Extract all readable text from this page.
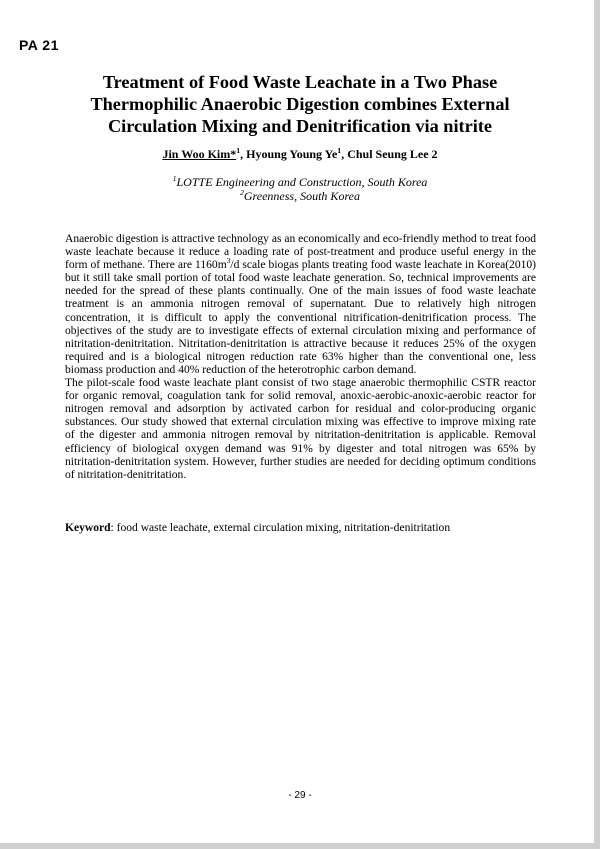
PA 21
Treatment of Food Waste Leachate in a Two Phase
Thermophilic Anaerobic Digestion combines External
Circulation Mixing and Denitrification via nitrite
Jin Woo Kim*$^1$, Hyoung Young Ye$^1$, Chul Seung Lee 2
$^1$LOTTE Engineering and Construction, South Korea
$^2$Greenness, South Korea

Anaerobic digestion is attractive technology as an economically and eco-friendly method to treat food waste leachate because it reduce a loading rate of post-treatment and produce useful energy in the form of methane. There are $1160m^3/d$ scale biogas plants treating food waste leachate in Korea(2010) but it still take small portion of total food waste leachate generation. So, technical improvements are needed for the spread of these plants continually. One of the main issues of food waste leachate treatment is an ammonia nitrogen removal of supernatant. Due to relatively high nitrogen concentration, it is difficult to apply the conventional nitrification-denitrification process. The objectives of the study are to investigate effects of external circulation mixing and performance of nitritation-denitritation. Nitritation-denitritation is attractive because it reduces 25% of the oxygen required and is a biological nitrogen reduction rate 63% higher than the conventional one, less biomass production and 40% reduction of the heterotrophic carbon demand.

The pilot-scale food waste leachate plant consist of two stage anaerobic thermophilic CSTR reactor for organic removal, coagulation tank for solid removal, anoxic-aerobic-anoxic-aerobic reactor for nitrogen removal and adsorption by activated carbon for residual and color-producing organic substances. Our study showed that external circulation mixing was effective to improve mixing rate of the digester and ammonia nitrogen removal by nitritation-denitritation is applicable. Removal efficiency of biological oxygen demand was 91% by digester and total nitrogen was 65% by nitritation-denitritation system. However, further studies are needed for deciding optimum conditions of nitritation-denitritation.

Keyword: food waste leachate, external circulation mixing, nitritation-denitritation
- 29 -
